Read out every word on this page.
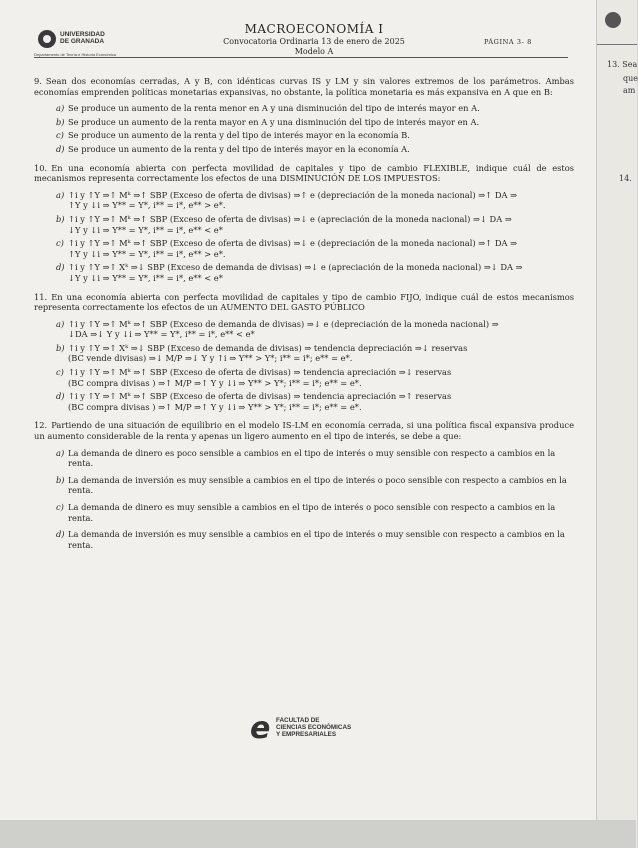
UNIVERSIDAD
DE GRANADA
Departamento de Teoría e Historia Económica
MACROECONOMÍA I
Convocatoria Ordinaria 13 de enero de 2025
Modelo A
PÁGINA 3- 8
9. Sean dos economías cerradas, A y B, con idénticas curvas IS y LM y sin valores extremos de los parámetros. Ambas economías emprenden políticas monetarias expansivas, no obstante, la política monetaria es más expansiva en A que en B:
a) Se produce un aumento de la renta menor en A y una disminución del tipo de interés mayor en A.
b) Se produce un aumento de la renta mayor en A y una disminución del tipo de interés mayor en A.
c) Se produce un aumento de la renta y del tipo de interés mayor en la economía B.
d) Se produce un aumento de la renta y del tipo de interés mayor en la economía A.
10. En una economía abierta con perfecta movilidad de capitales y tipo de cambio FLEXIBLE, indique cuál de estos mecanismos representa correctamente los efectos de una DISMINUCIÓN DE LOS IMPUESTOS:
a) ↑i y ↑Y ⇒↑ Mᵏ ⇒↑ SBP (Exceso de oferta de divisas) ⇒↑ e (depreciación de la moneda nacional) ⇒↑ DA ⇒
↑Y y ↓i ⇒ Y** = Y*, i** = i*, e** > e*.
b) ↑i y ↑Y ⇒↑ Mᵏ ⇒↑ SBP (Exceso de oferta de divisas) ⇒↓ e (apreciación de la moneda nacional) ⇒↓ DA ⇒
↓Y y ↓i ⇒ Y** = Y*, i** = i*, e** < e*
c) ↑i y ↑Y ⇒↑ Mᵏ ⇒↑ SBP (Exceso de oferta de divisas) ⇒↓ e (depreciación de la moneda nacional) ⇒↑ DA ⇒
↑Y y ↓i ⇒ Y** = Y*, i** = i*, e** > e*.
d) ↑i y ↑Y ⇒↑ Xᵏ ⇒↓ SBP (Exceso de demanda de divisas) ⇒↓ e (apreciación de la moneda nacional) ⇒↓ DA ⇒
↓Y y ↓i ⇒ Y** = Y*, i** = i*, e** < e*
11. En una economía abierta con perfecta movilidad de capitales y tipo de cambio FIJO, indique cuál de estos mecanismos representa correctamente los efectos de un AUMENTO DEL GASTO PÚBLICO
a) ↑i y ↑Y ⇒↑ Mᵏ ⇒↑ SBP (Exceso de demanda de divisas) ⇒↓ e (depreciación de la moneda nacional) ⇒
↓DA ⇒↓ Y y ↓i ⇒ Y** = Y*, i** = i*, e** < e*
b) ↑i y ↑Y ⇒↑ Xᵏ ⇒↓ SBP (Exceso de demanda de divisas) ⇒ tendencia depreciación ⇒↓ reservas
(BC vende divisas) ⇒↓ M/P ⇒↓ Y y ↑i ⇒ Y** > Y*; i** = i*; e** = e*.
c) ↑i y ↑Y ⇒↑ Mᵏ ⇒↑ SBP (Exceso de oferta de divisas) ⇒ tendencia apreciación ⇒↓ reservas
(BC compra divisas ) ⇒↑ M/P ⇒↑ Y y ↓i ⇒ Y** > Y*; i** = i*; e** = e*.
d) ↑i y ↑Y ⇒↑ Mᵏ ⇒↑ SBP (Exceso de oferta de divisas) ⇒ tendencia apreciación ⇒↑ reservas
(BC compra divisas ) ⇒↑ M/P ⇒↑ Y y ↓i ⇒ Y** > Y*; i** = i*; e** = e*.
12. Partiendo de una situación de equilibrio en el modelo IS-LM en economía cerrada, si una política fiscal expansiva produce un aumento considerable de la renta y apenas un ligero aumento en el tipo de interés, se debe a que:
a) La demanda de dinero es poco sensible a cambios en el tipo de interés o muy sensible con respecto a cambios en la renta.
b) La demanda de inversión es muy sensible a cambios en el tipo de interés o poco sensible con respecto a cambios en la renta.
c) La demanda de dinero es muy sensible a cambios en el tipo de interés o poco sensible con respecto a cambios en la renta.
d) La demanda de inversión es muy sensible a cambios en el tipo de interés o muy sensible con respecto a cambios en la renta.
e FACULTAD DE
CIENCIAS ECONÓMICAS
Y EMPRESARIALES
13. Sea
que
am
14.
